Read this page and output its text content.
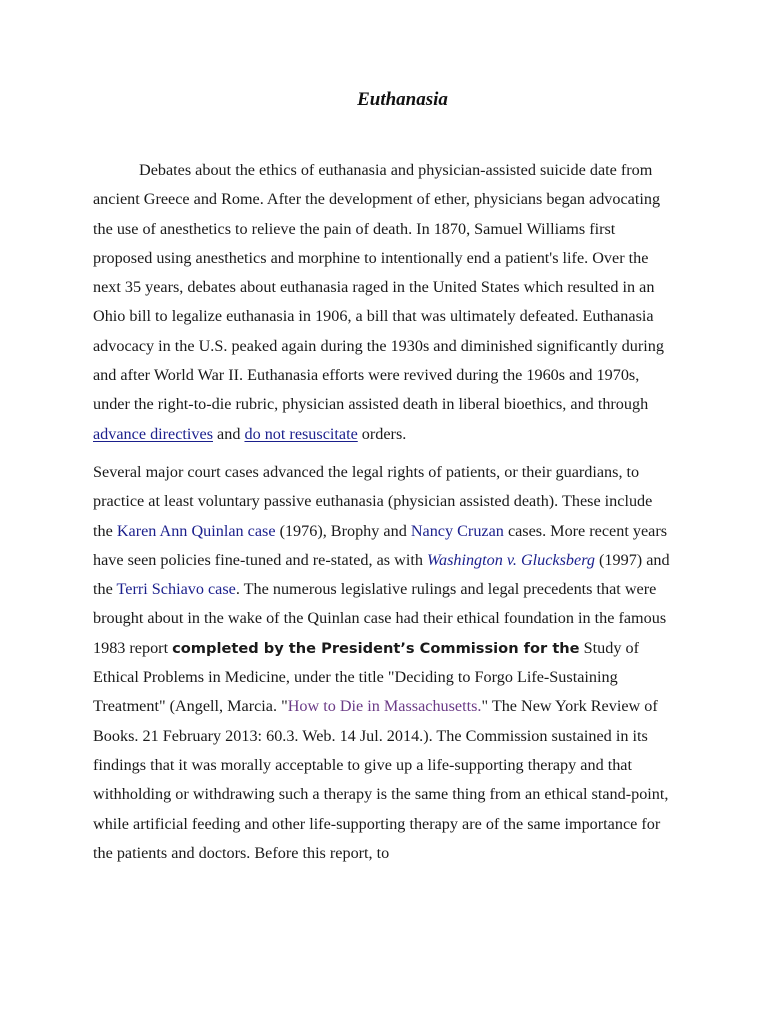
Euthanasia

Debates about the ethics of euthanasia and physician-assisted suicide date from ancient Greece and Rome. After the development of ether, physicians began advocating the use of anesthetics to relieve the pain of death. In 1870, Samuel Williams first proposed using anesthetics and morphine to intentionally end a patient's life. Over the next 35 years, debates about euthanasia raged in the United States which resulted in an Ohio bill to legalize euthanasia in 1906, a bill that was ultimately defeated. Euthanasia advocacy in the U.S. peaked again during the 1930s and diminished significantly during and after World War II. Euthanasia efforts were revived during the 1960s and 1970s, under the right-to-die rubric, physician assisted death in liberal bioethics, and through advance directives and do not resuscitate orders.

Several major court cases advanced the legal rights of patients, or their guardians, to practice at least voluntary passive euthanasia (physician assisted death). These include the Karen Ann Quinlan case (1976), Brophy and Nancy Cruzan cases. More recent years have seen policies fine-tuned and re-stated, as with Washington v. Glucksberg (1997) and the Terri Schiavo case. The numerous legislative rulings and legal precedents that were brought about in the wake of the Quinlan case had their ethical foundation in the famous 1983 report completed by the President’s Commission for the Study of Ethical Problems in Medicine, under the title "Deciding to Forgo Life-Sustaining Treatment" (Angell, Marcia. "How to Die in Massachusetts." The New York Review of Books. 21 February 2013: 60.3. Web. 14 Jul. 2014.). The Commission sustained in its findings that it was morally acceptable to give up a life-supporting therapy and that withholding or withdrawing such a therapy is the same thing from an ethical stand-point, while artificial feeding and other life-supporting therapy are of the same importance for the patients and doctors. Before this report, to
